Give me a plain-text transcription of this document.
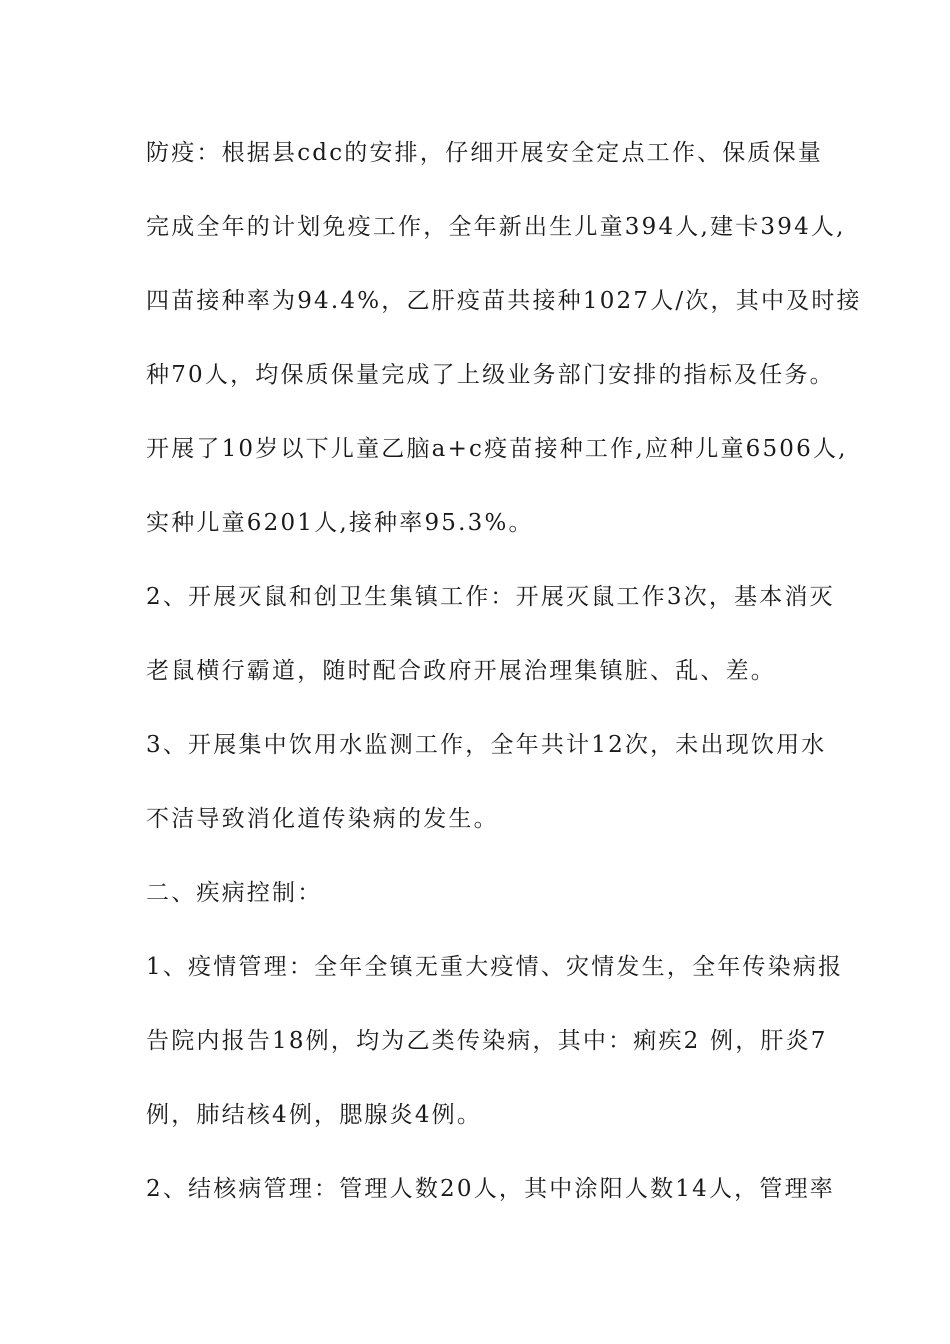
防疫：根据县cdc的安排，仔细开展安全定点工作、保质保量
完成全年的计划免疫工作，全年新出生儿童394人,建卡394人,
四苗接种率为94.4%，乙肝疫苗共接种1027人/次，其中及时接
种70人，均保质保量完成了上级业务部门安排的指标及任务。
开展了10岁以下儿童乙脑a+c疫苗接种工作,应种儿童6506人,
实种儿童6201人,接种率95.3%。
2、开展灭鼠和创卫生集镇工作：开展灭鼠工作3次，基本消灭
老鼠横行霸道，随时配合政府开展治理集镇脏、乱、差。
3、开展集中饮用水监测工作，全年共计12次，未出现饮用水
不洁导致消化道传染病的发生。
二、疾病控制：
1、疫情管理：全年全镇无重大疫情、灾情发生，全年传染病报
告院内报告18例，均为乙类传染病，其中：痢疾2 例，肝炎7
例，肺结核4例，腮腺炎4例。
2、结核病管理：管理人数20人，其中涂阳人数14人，管理率
